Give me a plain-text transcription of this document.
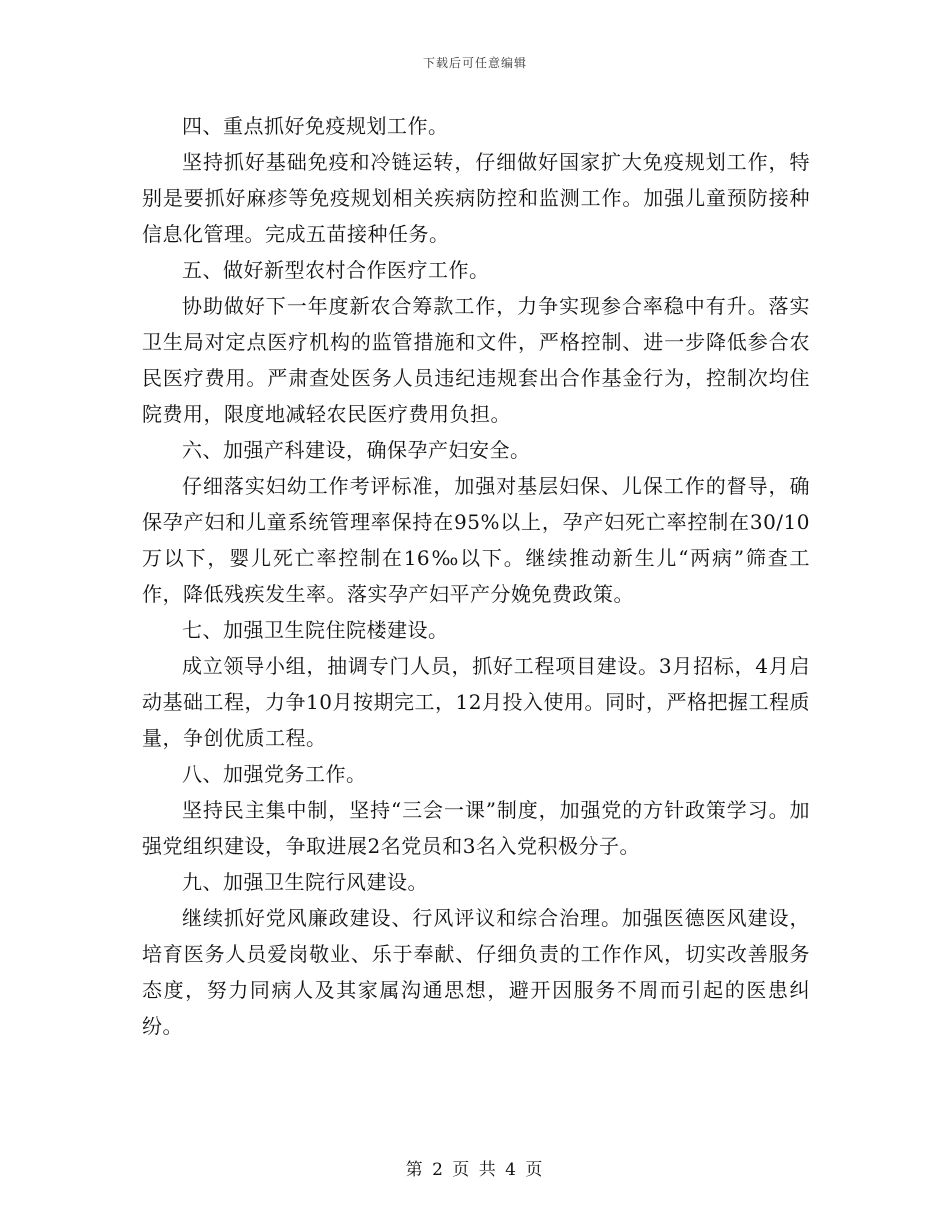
下载后可任意编辑

四、重点抓好免疫规划工作。

坚持抓好基础免疫和冷链运转，仔细做好国家扩大免疫规划工作，特别是要抓好麻疹等免疫规划相关疾病防控和监测工作。加强儿童预防接种信息化管理。完成五苗接种任务。

五、做好新型农村合作医疗工作。

协助做好下一年度新农合筹款工作，力争实现参合率稳中有升。落实卫生局对定点医疗机构的监管措施和文件，严格控制、进一步降低参合农民医疗费用。严肃查处医务人员违纪违规套出合作基金行为，控制次均住院费用，限度地减轻农民医疗费用负担。

六、加强产科建设，确保孕产妇安全。

仔细落实妇幼工作考评标准，加强对基层妇保、儿保工作的督导，确保孕产妇和儿童系统管理率保持在95%以上，孕产妇死亡率控制在30/10万以下，婴儿死亡率控制在16‰以下。继续推动新生儿“两病”筛查工作，降低残疾发生率。落实孕产妇平产分娩免费政策。

七、加强卫生院住院楼建设。

成立领导小组，抽调专门人员，抓好工程项目建设。3月招标，4月启动基础工程，力争10月按期完工，12月投入使用。同时，严格把握工程质量，争创优质工程。

八、加强党务工作。

坚持民主集中制，坚持“三会一课”制度，加强党的方针政策学习。加强党组织建设，争取进展2名党员和3名入党积极分子。

九、加强卫生院行风建设。

继续抓好党风廉政建设、行风评议和综合治理。加强医德医风建设，培育医务人员爱岗敬业、乐于奉献、仔细负责的工作作风，切实改善服务态度，努力同病人及其家属沟通思想，避开因服务不周而引起的医患纠纷。

第 2 页 共 4 页
